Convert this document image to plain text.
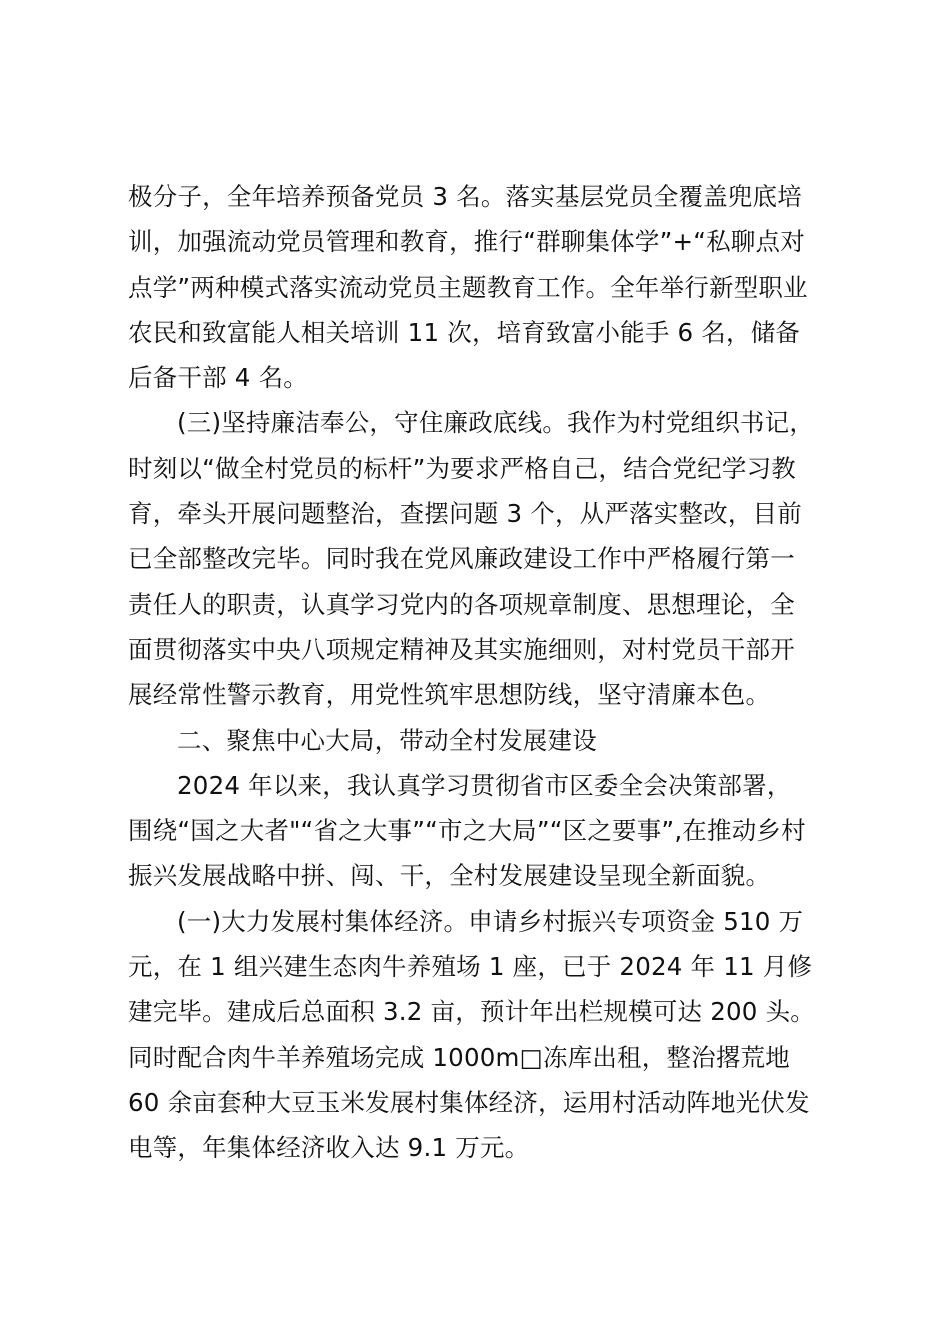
极分子，全年培养预备党员 3 名。落实基层党员全覆盖兜底培
训，加强流动党员管理和教育，推行“群聊集体学”+“私聊点对
点学”两种模式落实流动党员主题教育工作。全年举行新型职业
农民和致富能人相关培训 11 次，培育致富小能手 6 名，储备
后备干部 4 名。
(三)坚持廉洁奉公，守住廉政底线。我作为村党组织书记，
时刻以“做全村党员的标杆”为要求严格自己，结合党纪学习教
育，牵头开展问题整治，查摆问题 3 个，从严落实整改，目前
已全部整改完毕。同时我在党风廉政建设工作中严格履行第一
责任人的职责，认真学习党内的各项规章制度、思想理论，全
面贯彻落实中央八项规定精神及其实施细则，对村党员干部开
展经常性警示教育，用党性筑牢思想防线，坚守清廉本色。
二、聚焦中心大局，带动全村发展建设
2024 年以来，我认真学习贯彻省市区委全会决策部署，
围绕“国之大者"“省之大事”“市之大局”“区之要事”,在推动乡村
振兴发展战略中拼、闯、干，全村发展建设呈现全新面貌。
(一)大力发展村集体经济。申请乡村振兴专项资金 510 万
元，在 1 组兴建生态肉牛养殖场 1 座，已于 2024 年 11 月修
建完毕。建成后总面积 3.2 亩，预计年出栏规模可达 200 头。
同时配合肉牛羊养殖场完成 1000m□冻库出租，整治撂荒地
60 余亩套种大豆玉米发展村集体经济，运用村活动阵地光伏发
电等，年集体经济收入达 9.1 万元。
